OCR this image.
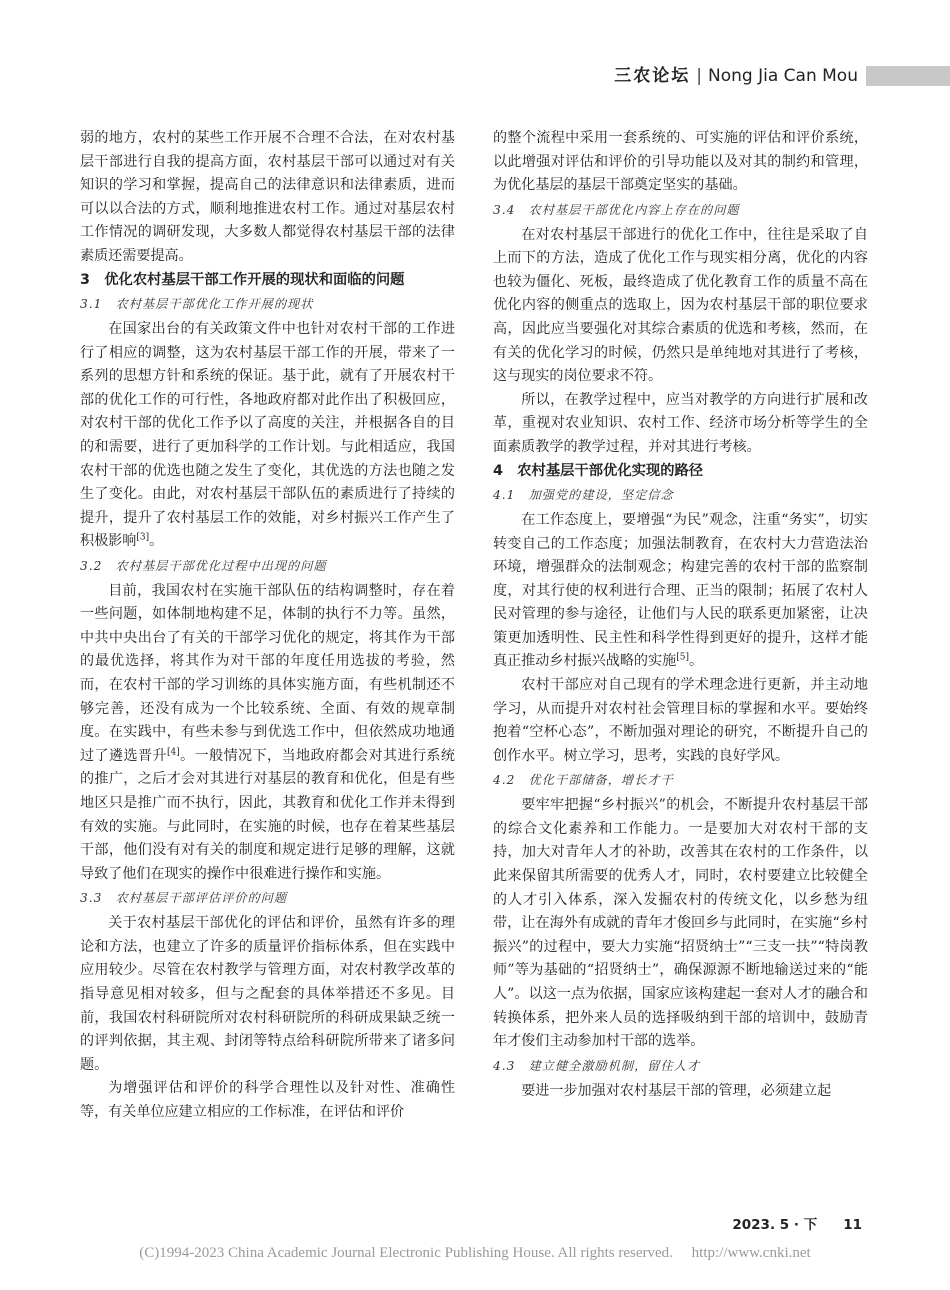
三农论坛 | Nong Jia Can Mou

弱的地方，农村的某些工作开展不合理不合法，在对农村基层干部进行自我的提高方面，农村基层干部可以通过对有关知识的学习和掌握，提高自己的法律意识和法律素质，进而可以以合法的方式，顺利地推进农村工作。通过对基层农村工作情况的调研发现，大多数人都觉得农村基层干部的法律素质还需要提高。

3　优化农村基层干部工作开展的现状和面临的问题
3.1　农村基层干部优化工作开展的现状

在国家出台的有关政策文件中也针对农村干部的工作进行了相应的调整，这为农村基层干部工作的开展，带来了一系列的思想方针和系统的保证。基于此，就有了开展农村干部的优化工作的可行性，各地政府都对此作出了积极回应，对农村干部的优化工作予以了高度的关注，并根据各自的目的和需要，进行了更加科学的工作计划。与此相适应，我国农村干部的优选也随之发生了变化，其优选的方法也随之发生了变化。由此，对农村基层干部队伍的素质进行了持续的提升，提升了农村基层工作的效能，对乡村振兴工作产生了积极影响[3]。

3.2　农村基层干部优化过程中出现的问题

目前，我国农村在实施干部队伍的结构调整时，存在着一些问题，如体制地构建不足，体制的执行不力等。虽然，中共中央出台了有关的干部学习优化的规定，将其作为干部的最优选择，将其作为对干部的年度任用选拔的考验，然而，在农村干部的学习训练的具体实施方面，有些机制还不够完善，还没有成为一个比较系统、全面、有效的规章制度。在实践中，有些未参与到优选工作中，但依然成功地通过了遴选晋升[4]。一般情况下，当地政府都会对其进行系统的推广，之后才会对其进行对基层的教育和优化，但是有些地区只是推广而不执行，因此，其教育和优化工作并未得到有效的实施。与此同时，在实施的时候，也存在着某些基层干部，他们没有对有关的制度和规定进行足够的理解，这就导致了他们在现实的操作中很难进行操作和实施。

3.3　农村基层干部评估评价的问题

关于农村基层干部优化的评估和评价，虽然有许多的理论和方法，也建立了许多的质量评价指标体系，但在实践中应用较少。尽管在农村教学与管理方面，对农村教学改革的指导意见相对较多，但与之配套的具体举措还不多见。目前，我国农村科研院所对农村科研院所的科研成果缺乏统一的评判依据，其主观、封闭等特点给科研院所带来了诸多问题。

为增强评估和评价的科学合理性以及针对性、准确性等，有关单位应建立相应的工作标准，在评估和评价

的整个流程中采用一套系统的、可实施的评估和评价系统，以此增强对评估和评价的引导功能以及对其的制约和管理，为优化基层的基层干部奠定坚实的基础。

3.4　农村基层干部优化内容上存在的问题

在对农村基层干部进行的优化工作中，往往是采取了自上而下的方法，造成了优化工作与现实相分离，优化的内容也较为僵化、死板，最终造成了优化教育工作的质量不高在优化内容的侧重点的选取上，因为农村基层干部的职位要求高，因此应当要强化对其综合素质的优选和考核，然而，在有关的优化学习的时候，仍然只是单纯地对其进行了考核，这与现实的岗位要求不符。

所以，在教学过程中，应当对教学的方向进行扩展和改革，重视对农业知识、农村工作、经济市场分析等学生的全面素质教学的教学过程，并对其进行考核。

4　农村基层干部优化实现的路径
4.1　加强党的建设，坚定信念

在工作态度上，要增强“为民”观念，注重“务实”，切实转变自己的工作态度；加强法制教育，在农村大力营造法治环境，增强群众的法制观念；构建完善的农村干部的监察制度，对其行使的权利进行合理、正当的限制；拓展了农村人民对管理的参与途径，让他们与人民的联系更加紧密，让决策更加透明性、民主性和科学性得到更好的提升，这样才能真正推动乡村振兴战略的实施[5]。

农村干部应对自己现有的学术理念进行更新，并主动地学习，从而提升对农村社会管理目标的掌握和水平。要始终抱着“空杯心态”，不断加强对理论的研究，不断提升自己的创作水平。树立学习，思考，实践的良好学风。

4.2　优化干部储备，增长才干

要牢牢把握“乡村振兴”的机会，不断提升农村基层干部的综合文化素养和工作能力。一是要加大对农村干部的支持，加大对青年人才的补助，改善其在农村的工作条件，以此来保留其所需要的优秀人才，同时，农村要建立比较健全的人才引入体系，深入发掘农村的传统文化，以乡愁为纽带，让在海外有成就的青年才俊回乡与此同时，在实施“乡村振兴”的过程中，要大力实施“招贤纳士”“三支一扶”“特岗教师”等为基础的“招贤纳士”，确保源源不断地输送过来的“能人”。以这一点为依据，国家应该构建起一套对人才的融合和转换体系，把外来人员的选择吸纳到干部的培训中，鼓励青年才俊们主动参加村干部的选举。

4.3　建立健全激励机制，留住人才

要进一步加强对农村基层干部的管理，必须建立起

2023. 5 · 下 11
(C)1994-2023 China Academic Journal Electronic Publishing House. All rights reserved.　 http://www.cnki.net
